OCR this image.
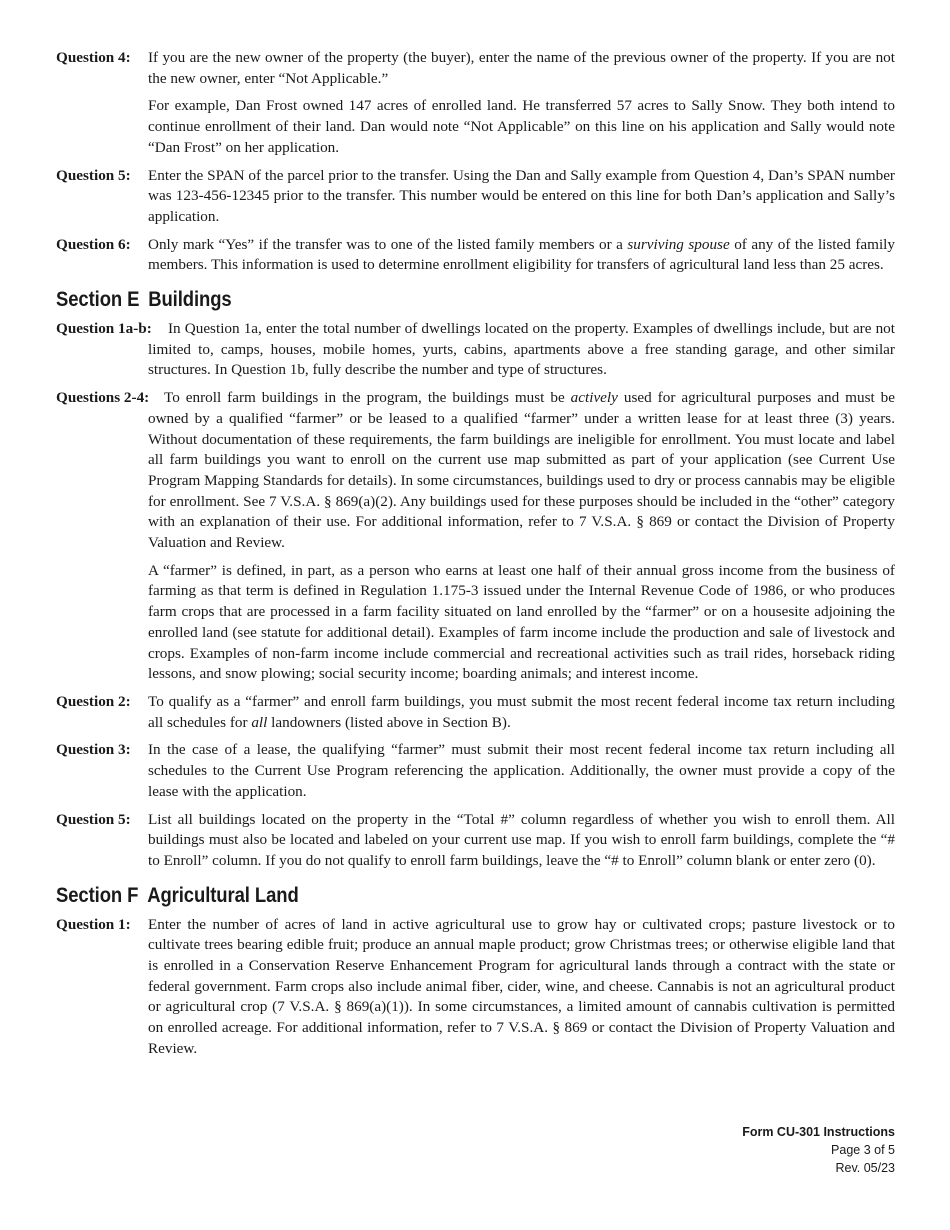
Question 4: If you are the new owner of the property (the buyer), enter the name of the previous owner of the property. If you are not the new owner, enter “Not Applicable.”

For example, Dan Frost owned 147 acres of enrolled land. He transferred 57 acres to Sally Snow. They both intend to continue enrollment of their land. Dan would note “Not Applicable” on this line on his application and Sally would note “Dan Frost” on her application.

Question 5: Enter the SPAN of the parcel prior to the transfer. Using the Dan and Sally example from Question 4, Dan’s SPAN number was 123-456-12345 prior to the transfer. This number would be entered on this line for both Dan’s application and Sally’s application.

Question 6: Only mark “Yes” if the transfer was to one of the listed family members or a surviving spouse of any of the listed family members. This information is used to determine enrollment eligibility for transfers of agricultural land less than 25 acres.

Section E Buildings
Question 1a-b:	In Question 1a, enter the total number of dwellings located on the property. Examples of dwellings include, but are not limited to, camps, houses, mobile homes, yurts, cabins, apartments above a free standing garage, and other similar structures. In Question 1b, fully describe the number and type of structures.

Questions 2-4: To enroll farm buildings in the program, the buildings must be actively used for agricultural purposes and must be owned by a qualified “farmer” or be leased to a qualified “farmer” under a written lease for at least three (3) years. Without documentation of these requirements, the farm buildings are ineligible for enrollment. You must locate and label all farm buildings you want to enroll on the current use map submitted as part of your application (see Current Use Program Mapping Standards for details). In some circumstances, buildings used to dry or process cannabis may be eligible for enrollment. See 7 V.S.A. § 869(a)(2). Any buildings used for these purposes should be included in the “other” category with an explanation of their use. For additional information, refer to 7 V.S.A. § 869 or contact the Division of Property Valuation and Review.

A “farmer” is defined, in part, as a person who earns at least one half of their annual gross income from the business of farming as that term is defined in Regulation 1.175-3 issued under the Internal Revenue Code of 1986, or who produces farm crops that are processed in a farm facility situated on land enrolled by the “farmer” or on a housesite adjoining the enrolled land (see statute for additional detail). Examples of farm income include the production and sale of livestock and crops. Examples of non-farm income include commercial and recreational activities such as trail rides, horseback riding lessons, and snow plowing; social security income; boarding animals; and interest income.

Question 2: To qualify as a “farmer” and enroll farm buildings, you must submit the most recent federal income tax return including all schedules for all landowners (listed above in Section B).

Question 3: In the case of a lease, the qualifying “farmer” must submit their most recent federal income tax return including all schedules to the Current Use Program referencing the application. Additionally, the owner must provide a copy of the lease with the application.

Question 5: List all buildings located on the property in the “Total #” column regardless of whether you wish to enroll them. All buildings must also be located and labeled on your current use map. If you wish to enroll farm buildings, complete the “# to Enroll” column. If you do not qualify to enroll farm buildings, leave the “# to Enroll” column blank or enter zero (0).

Section F Agricultural Land
Question 1: Enter the number of acres of land in active agricultural use to grow hay or cultivated crops; pasture livestock or to cultivate trees bearing edible fruit; produce an annual maple product; grow Christmas trees; or otherwise eligible land that is enrolled in a Conservation Reserve Enhancement Program for agricultural lands through a contract with the state or federal government. Farm crops also include animal fiber, cider, wine, and cheese. Cannabis is not an agricultural product or agricultural crop (7 V.S.A. § 869(a)(1)). In some circumstances, a limited amount of cannabis cultivation is permitted on enrolled acreage. For additional information, refer to 7 V.S.A. § 869 or contact the Division of Property Valuation and Review.

Form CU-301 Instructions
Page 3 of 5
Rev. 05/23
